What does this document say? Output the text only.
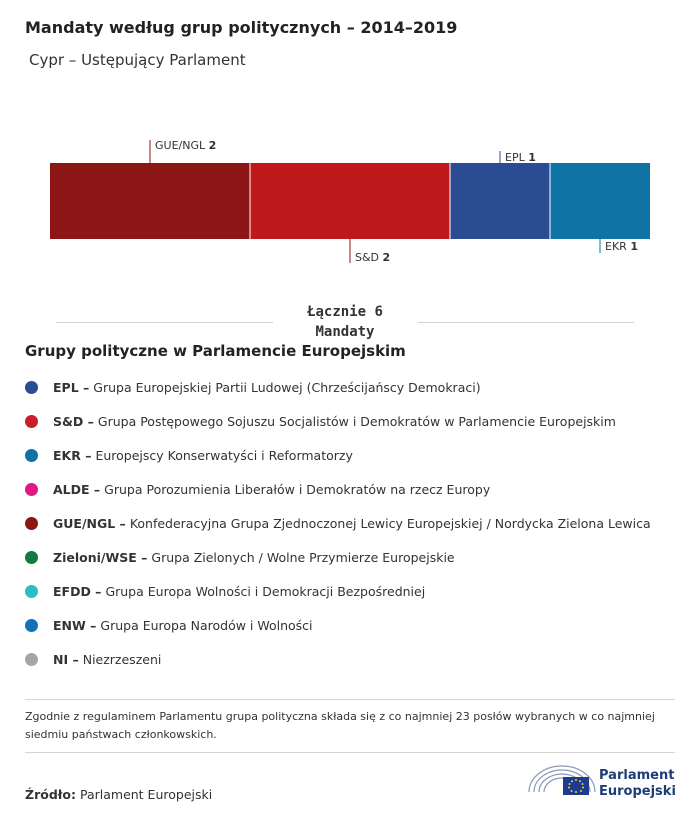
Mandaty według grup politycznych – 2014–2019
Cypr – Ustępujący Parlament
GUE/NGL 2
S&D 2
EPL 1
EKR 1
Łącznie 6
Mandaty
Grupy polityczne w Parlamencie Europejskim
EPL – Grupa Europejskiej Partii Ludowej (Chrześcijańscy Demokraci)
S&D – Grupa Postępowego Sojuszu Socjalistów i Demokratów w Parlamencie Europejskim
EKR – Europejscy Konserwatyści i Reformatorzy
ALDE – Grupa Porozumienia Liberałów i Demokratów na rzecz Europy
GUE/NGL – Konfederacyjna Grupa Zjednoczonej Lewicy Europejskiej / Nordycka Zielona Lewica
Zieloni/WSE – Grupa Zielonych / Wolne Przymierze Europejskie
EFDD – Grupa Europa Wolności i Demokracji Bezpośredniej
ENW – Grupa Europa Narodów i Wolności
NI – Niezrzeszeni
Zgodnie z regulaminem Parlamentu grupa polityczna składa się z co najmniej 23 posłów wybranych w co najmniej siedmiu państwach członkowskich.
Źródło: Parlament Europejski
Parlament
Europejski
